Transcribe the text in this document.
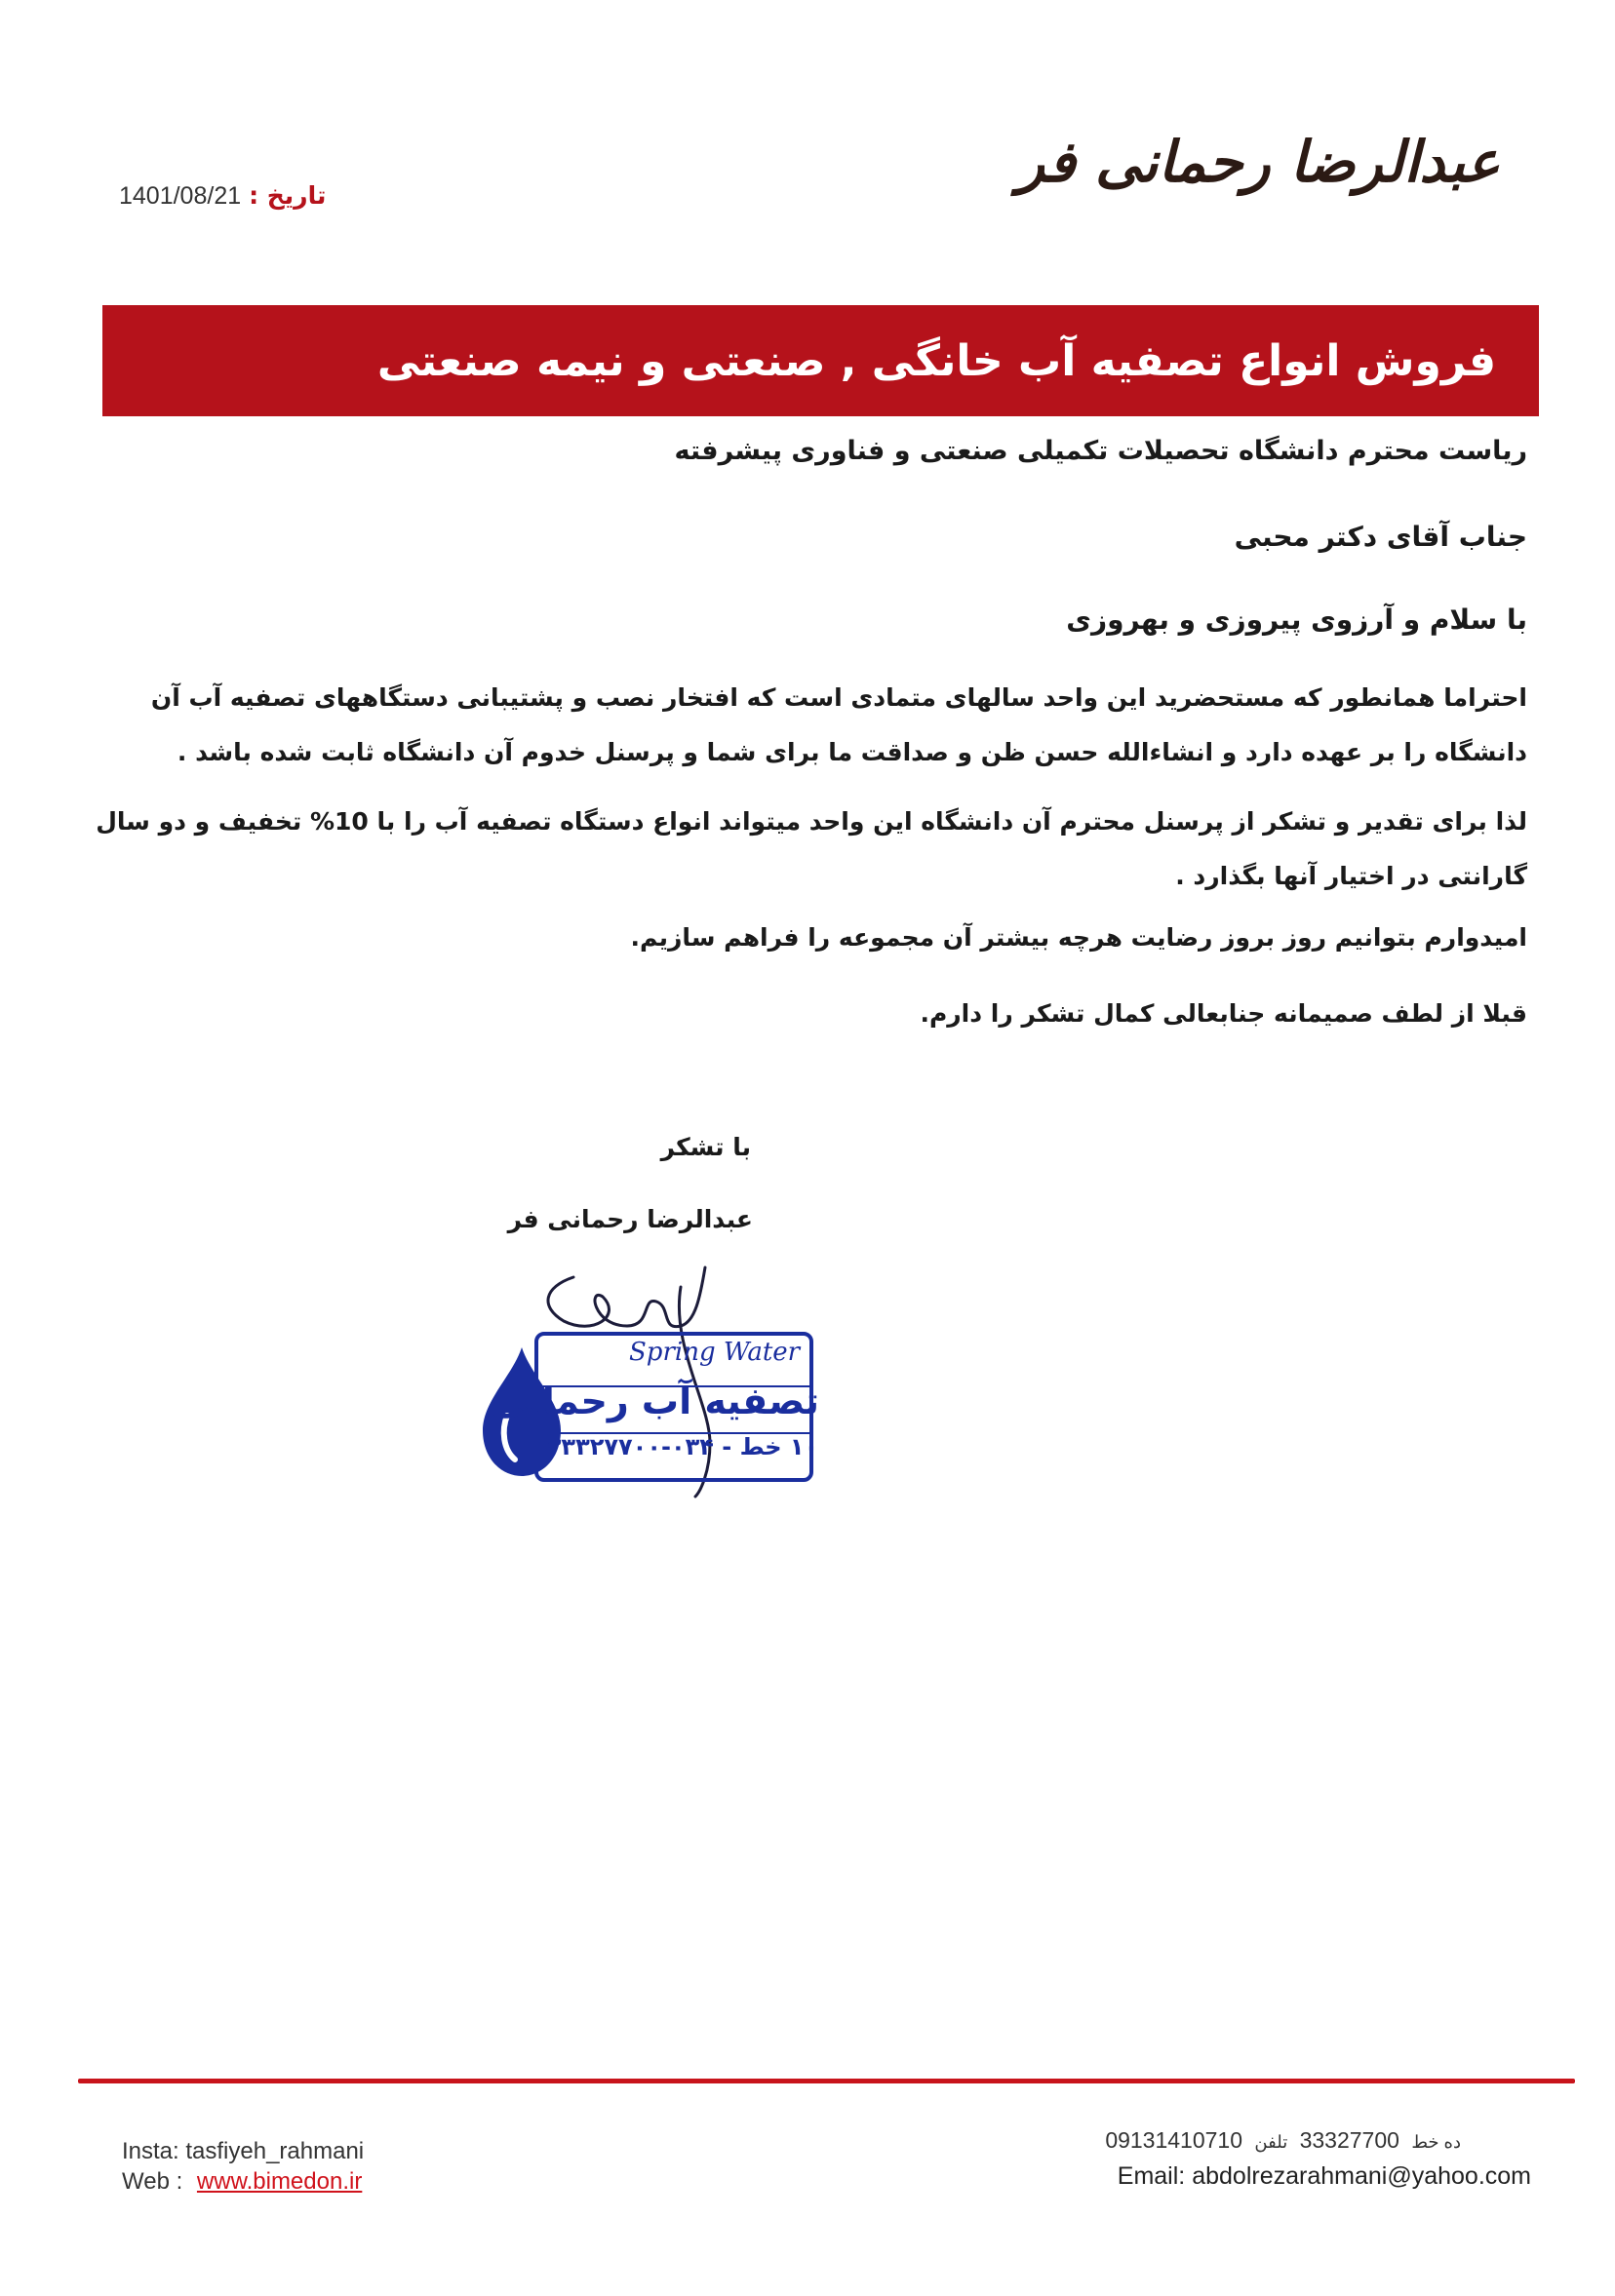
عبدالرضا رحمانی فر
تاریخ : 1401/08/21
فروش انواع تصفیه آب خانگی , صنعتی و نیمه صنعتی
ریاست محترم دانشگاه تحصیلات تکمیلی صنعتی و فناوری پیشرفته
جناب آقای دکتر محبی
با سلام و آرزوی پیروزی و بهروزی
احتراما همانطور که مستحضرید این واحد سالهای متمادی است که افتخار نصب و پشتیبانی دستگاههای تصفیه آب آن دانشگاه را بر عهده دارد و انشاءالله حسن ظن و صداقت ما برای شما و پرسنل خدوم آن دانشگاه ثابت شده باشد .
لذا برای تقدیر و تشکر از پرسنل محترم آن دانشگاه این واحد میتواند انواع دستگاه تصفیه آب را با 10% تخفیف و دو سال گارانتی در اختیار آنها بگذارد .
امیدوارم بتوانیم روز بروز رضایت هرچه بیشتر آن مجموعه را فراهم سازیم.
قبلا از لطف صمیمانه جنابعالی کمال تشکر را دارم.
با تشکر
عبدالرضا رحمانی فر
Spring Water
تصفیه آب رحمانی
۱۰ خط - ۰۳۴-۳۳۳۲۷۷۰۰
ده خط 33327700 تلفن 09131410710
Email: abdolrezarahmani@yahoo.com
Insta: tasfiyeh_rahmani
Web : www.bimedon.ir
